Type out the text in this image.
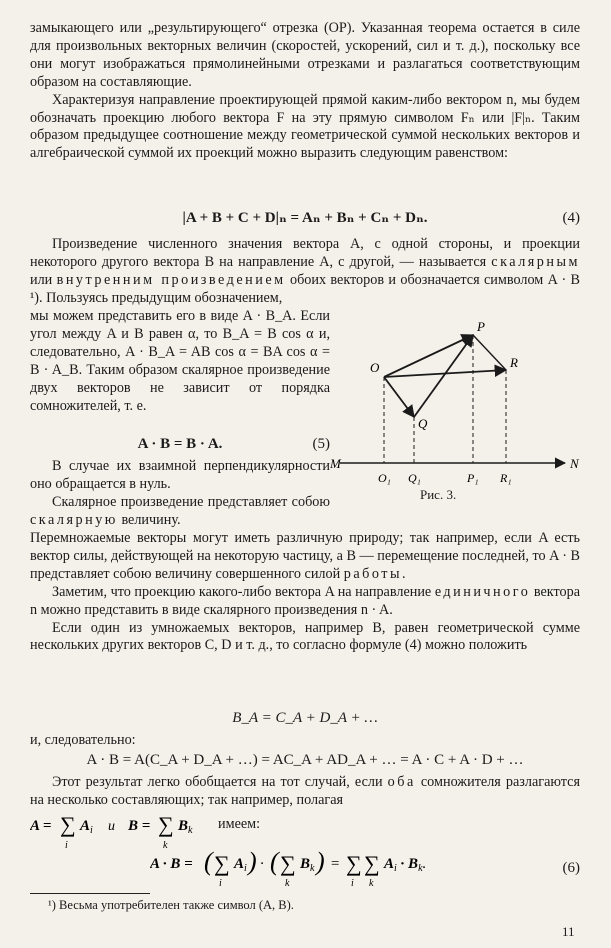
замыкающего или „результирующего“ отрезка (OP). Указанная теорема остается в силе для произвольных векторных величин (скоростей, ускорений, сил и т. д.), поскольку все они могут изображаться прямолинейными отрезками и разлагаться соответствующим образом на составляющие.

Характеризуя направление проектирующей прямой каким-либо вектором n, мы будем обозначать проекцию любого вектора F на эту прямую символом Fₙ или |F|ₙ. Таким образом предыдущее соотношение между геометрической суммой нескольких векторов и алгебраической суммой их проекций можно выразить следующим равенством:

|A + B + C + D|ₙ = Aₙ + Bₙ + Cₙ + Dₙ.	(4)

Произведение численного значения вектора A, с одной стороны, и проекции некоторого другого вектора B на направление A, с другой, — называется скалярным или внутренним произведением обоих векторов и обозначается символом A · B ¹). Пользуясь предыдущим обозначением,

мы можем представить его в виде A · B_A. Если угол между A и B равен α, то B_A = B cos α и, следовательно, A · B_A = AB cos α = BA cos α = B · A_B. Таким образом скалярное произведение двух векторов не зависит от порядка сомножителей, т. е.

A · B = B · A.	(5)

В случае их взаимной перпендикулярности оно обращается в нуль.

Скалярное произведение представляет собою скалярную величину.

O
P
Q
R
M	N
O₁ Q₁	P₁ R₁
Рис. 3.

Перемножаемые векторы могут иметь различную природу; так например, если A есть вектор силы, действующей на некоторую частицу, а B — перемещение последней, то A · B представляет собою величину совершенного силой работы.

Заметим, что проекцию какого-либо вектора A на направление единичного вектора n можно представить в виде скалярного произведения n · A.

Если один из умножаемых векторов, например B, равен геометрической сумме нескольких других векторов C, D и т. д., то согласно формуле (4) можно положить

B_A = C_A + D_A + …

и, следовательно:

A · B = A(C_A + D_A + …) = AC_A + AD_A + … = A · C + A · D + …

Этот результат легко обобщается на тот случай, если оба сомножителя разлагаются на несколько составляющих; так например, полагая

A = ∑
i
$A_i$ и B = ∑
k
$B_k$ имеем:

A · B = ( ∑
i
$A_i$ ) · ( ∑
k
$B_k$ ) = ∑
i
∑
k
$A_i \cdot B_k$.	(6)
¹) Весьма употребителен также символ (A, B).
11
